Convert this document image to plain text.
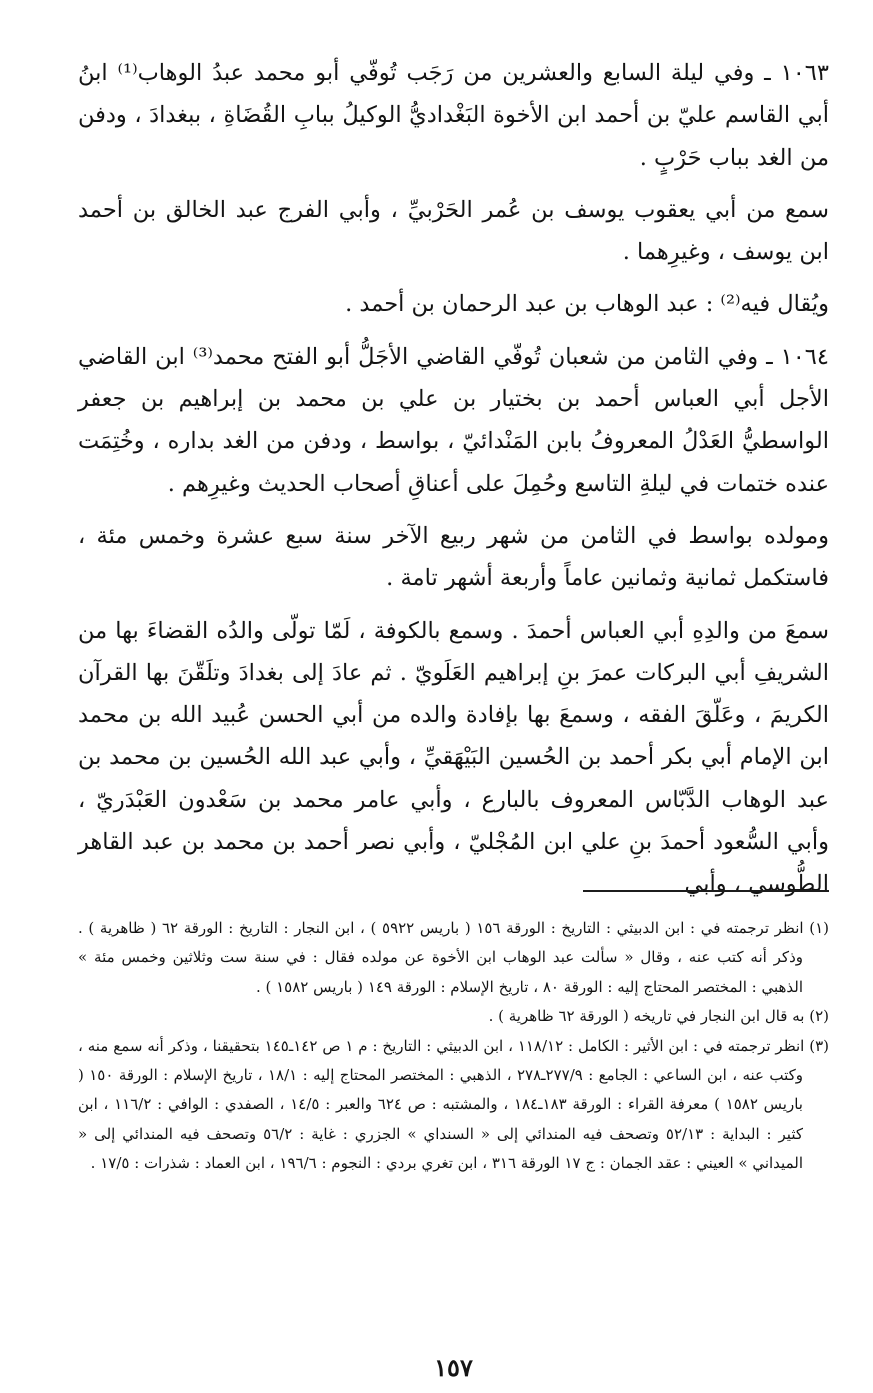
١٠٦٣ ـ وفي ليلة السابع والعشرين من رَجَب تُوفّي أبو محمد عبدُ الوهاب⁽¹⁾ ابنُ أبي القاسم عليّ بن أحمد ابن الأخوة البَغْداديُّ الوكيلُ ببابِ القُضَاةِ ، ببغدادَ ، ودفن من الغد بباب حَرْبٍ .

سمع من أبي يعقوب يوسف بن عُمر الحَرْبيِّ ، وأبي الفرج عبد الخالق بن أحمد ابن يوسف ، وغيرِهما .

ويُقال فيه⁽²⁾ : عبد الوهاب بن عبد الرحمان بن أحمد .

١٠٦٤ ـ وفي الثامن من شعبان تُوفّي القاضي الأجَلُّ أبو الفتح محمد⁽³⁾ ابن القاضي الأجل أبي العباس أحمد بن بختيار بن علي بن محمد بن إبراهيم بن جعفر الواسطيُّ العَدْلُ المعروفُ بابن المَنْدائيّ ، بواسط ، ودفن من الغد بداره ، وخُتِمَت عنده ختمات في ليلةِ التاسع وحُمِلَ على أعناقِ أصحاب الحديث وغيرِهم .

ومولده بواسط في الثامن من شهر ربيع الآخر سنة سبع عشرة وخمس مئة ، فاستكمل ثمانية وثمانين عاماً وأربعة أشهر تامة .

سمعَ من والدِهِ أبي العباس أحمدَ . وسمع بالكوفة ، لَمّا تولّى والدُه القضاءَ بها من الشريفِ أبي البركات عمرَ بنِ إبراهيم العَلَويّ . ثم عادَ إلى بغدادَ وتلَقّنَ بها القرآن الكريمَ ، وعَلّقَ الفقه ، وسمعَ بها بإفادة والده من أبي الحسن عُبيد الله بن محمد ابن الإمام أبي بكر أحمد بن الحُسين البَيْهَقيِّ ، وأبي عبد الله الحُسين بن محمد بن عبد الوهاب الدَّبّاس المعروف بالبارع ، وأبي عامر محمد بن سَعْدون العَبْدَريّ ، وأبي السُّعود أحمدَ بنِ علي ابن المُجْليّ ، وأبي نصر أحمد بن محمد بن عبد القاهر الطُّوسي ، وأبي

(١) انظر ترجمته في : ابن الدبيثي : التاريخ : الورقة ١٥٦ ( باريس ٥٩٢٢ ) ، ابن النجار : التاريخ : الورقة ٦٢ ( ظاهرية ) . وذكر أنه كتب عنه ، وقال « سألت عبد الوهاب ابن الأخوة عن مولده فقال : في سنة ست وثلاثين وخمس مئة » الذهبي : المختصر المحتاج إليه : الورقة ٨٠ ، تاريخ الإسلام : الورقة ١٤٩ ( باريس ١٥٨٢ ) .

(٢) به قال ابن النجار في تاريخه ( الورقة ٦٢ ظاهرية ) .

(٣) انظر ترجمته في : ابن الأثير : الكامل : ١١٨/١٢ ، ابن الدبيثي : التاريخ : م ١ ص ١٤٢ـ١٤٥ بتحقيقنا ، وذكر أنه سمع منه ، وكتب عنه ، ابن الساعي : الجامع : ٢٧٧/٩ـ٢٧٨ ، الذهبي : المختصر المحتاج إليه : ١٨/١ ، تاريخ الإسلام : الورقة ١٥٠ ( باريس ١٥٨٢ ) معرفة القراء : الورقة ١٨٣ـ١٨٤ ، والمشتبه : ص ٦٢٤ والعبر : ١٤/٥ ، الصفدي : الوافي : ١١٦/٢ ، ابن كثير : البداية : ٥٢/١٣ وتصحف فيه المندائي إلى « السنداي » الجزري : غاية : ٥٦/٢ وتصحف فيه المندائي إلى « الميداني » العيني : عقد الجمان : ج ١٧ الورقة ٣١٦ ، ابن تغري بردي : النجوم : ١٩٦/٦ ، ابن العماد : شذرات : ١٧/٥ .

١٥٧
